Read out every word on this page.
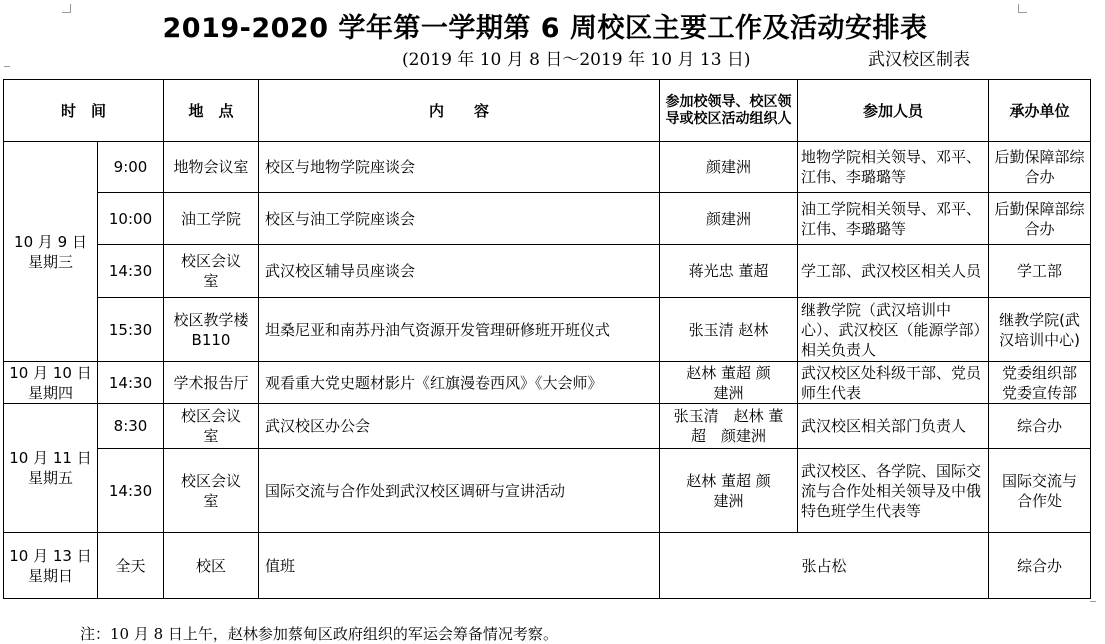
2019-2020 学年第一学期第 6 周校区主要工作及活动安排表
(2019 年 10 月 8 日～2019 年 10 月 13 日)	武汉校区制表
时　间		地　点	内　　容	参加校领导、校区领导或校区活动组织人	参加人员	承办单位

10 月 9 日
星期三	9:00	地物会议室	校区与地物学院座谈会	颜建洲	地物学院相关领导、邓平、江伟、李璐璐等	后勤保障部综合办
	10:00	油工学院	校区与油工学院座谈会	颜建洲	油工学院相关领导、邓平、江伟、李璐璐等	后勤保障部综合办
	14:30	校区会议室	武汉校区辅导员座谈会	蒋光忠 董超	学工部、武汉校区相关人员	学工部
	15:30	校区教学楼B110	坦桑尼亚和南苏丹油气资源开发管理研修班开班仪式	张玉清 赵林	继教学院（武汉培训中心）、武汉校区（能源学部）相关负责人	继教学院(武汉培训中心)

10 月 10 日
星期四	14:30	学术报告厅	观看重大党史题材影片《红旗漫卷西风》《大会师》	赵林 董超 颜建洲	武汉校区处科级干部、党员师生代表	党委组织部党委宣传部

10 月 11 日
星期五	8:30	校区会议室	武汉校区办公会	张玉清　赵林 董超　颜建洲	武汉校区相关部门负责人	综合办
	14:30	校区会议室	国际交流与合作处到武汉校区调研与宣讲活动	赵林 董超 颜建洲	武汉校区、各学院、国际交流与合作处相关领导及中俄特色班学生代表等	国际交流与合作处

10 月 13 日
星期日	全天	校区	值班	张占松		综合办
注：10 月 8 日上午，赵林参加蔡甸区政府组织的军运会筹备情况考察。
